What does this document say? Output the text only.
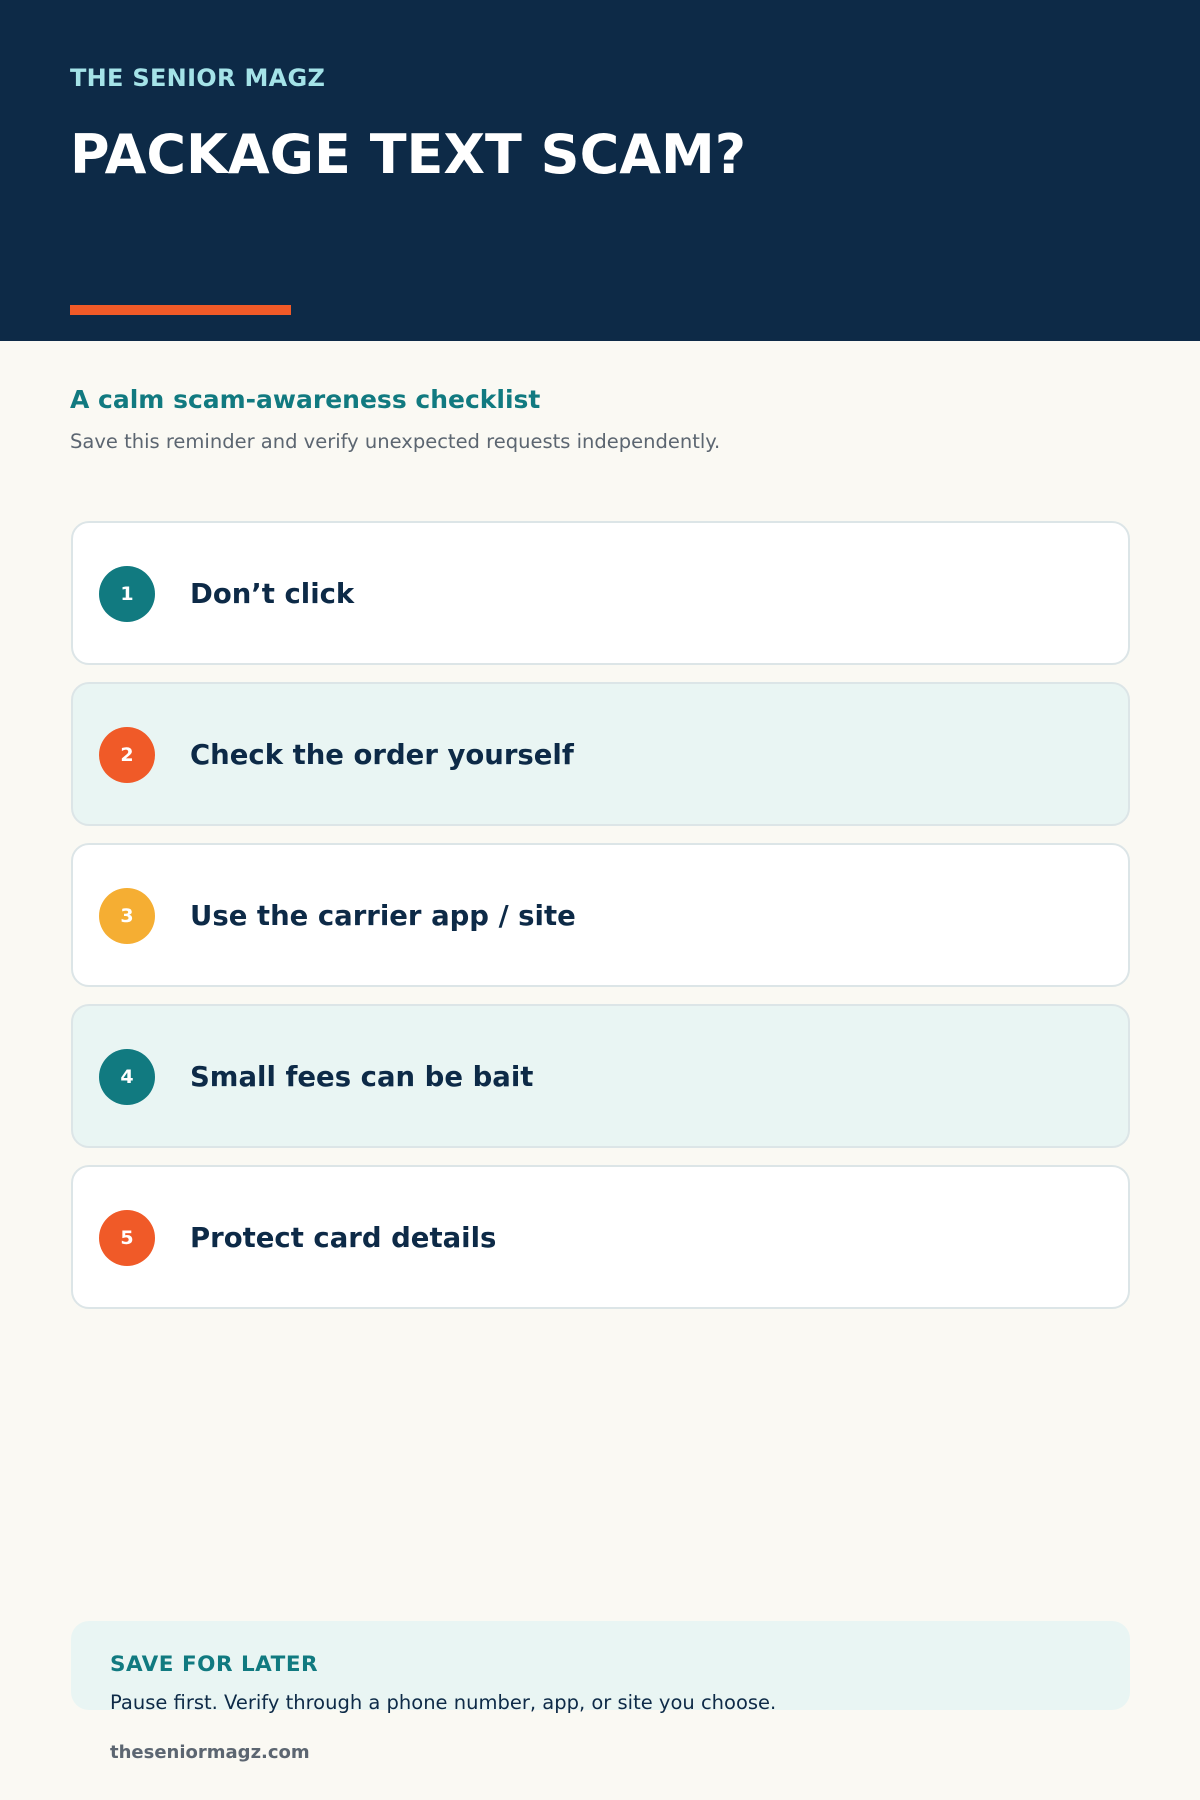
THE SENIOR MAGZ
PACKAGE TEXT SCAM?
A calm scam-awareness checklist
Save this reminder and verify unexpected requests independently.
1	Don’t click
2	Check the order yourself
3	Use the carrier app / site
4	Small fees can be bait
5	Protect card details
SAVE FOR LATER
Pause first. Verify through a phone number, app, or site you choose.
theseniormagz.com
